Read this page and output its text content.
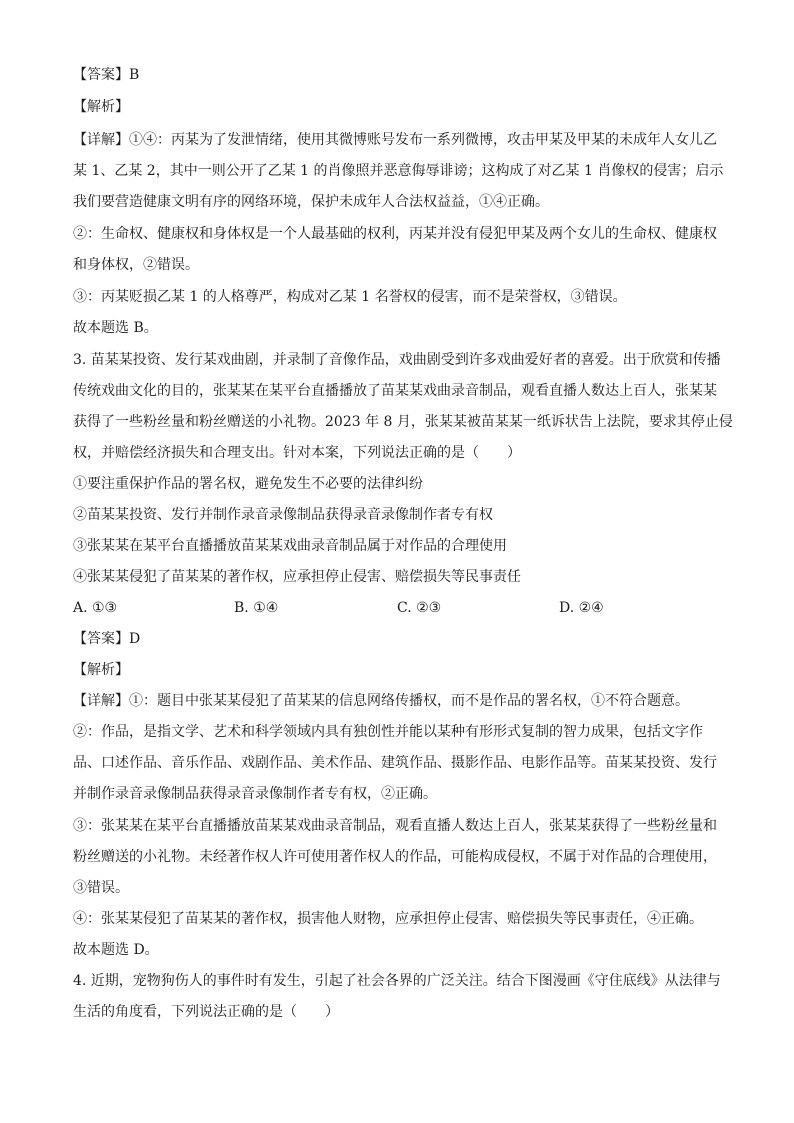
【答案】B
【解析】
【详解】①④：丙某为了发泄情绪，使用其微博账号发布一系列微博，攻击甲某及甲某的未成年人女儿乙
某 1、乙某 2，其中一则公开了乙某 1 的肖像照并恶意侮辱诽谤；这构成了对乙某 1 肖像权的侵害；启示
我们要营造健康文明有序的网络环境，保护未成年人合法权益益，①④正确。
②：生命权、健康权和身体权是一个人最基础的权利，丙某并没有侵犯甲某及两个女儿的生命权、健康权
和身体权，②错误。
③：丙某贬损乙某 1 的人格尊严，构成对乙某 1 名誉权的侵害，而不是荣誉权，③错误。
故本题选 B。
3. 苗某某投资、发行某戏曲剧，并录制了音像作品，戏曲剧受到许多戏曲爱好者的喜爱。出于欣赏和传播
传统戏曲文化的目的，张某某在某平台直播播放了苗某某戏曲录音制品，观看直播人数达上百人，张某某
获得了一些粉丝量和粉丝赠送的小礼物。2023 年 8 月，张某某被苗某某一纸诉状告上法院，要求其停止侵
权，并赔偿经济损失和合理支出。针对本案，下列说法正确的是（　　）
①要注重保护作品的署名权，避免发生不必要的法律纠纷
②苗某某投资、发行并制作录音录像制品获得录音录像制作者专有权
③张某某在某平台直播播放苗某某戏曲录音制品属于对作品的合理使用
④张某某侵犯了苗某某的著作权，应承担停止侵害、赔偿损失等民事责任
A. ①③	B. ①④	C. ②③	D. ②④
【答案】D
【解析】
【详解】①：题目中张某某侵犯了苗某某的信息网络传播权，而不是作品的署名权，①不符合题意。
②：作品，是指文学、艺术和科学领域内具有独创性并能以某种有形形式复制的智力成果，包括文字作
品、口述作品、音乐作品、戏剧作品、美术作品、建筑作品、摄影作品、电影作品等。苗某某投资、发行
并制作录音录像制品获得录音录像制作者专有权，②正确。
③：张某某在某平台直播播放苗某某戏曲录音制品，观看直播人数达上百人，张某某获得了一些粉丝量和
粉丝赠送的小礼物。未经著作权人许可使用著作权人的作品，可能构成侵权，不属于对作品的合理使用，
③错误。
④：张某某侵犯了苗某某的著作权，损害他人财物，应承担停止侵害、赔偿损失等民事责任，④正确。
故本题选 D。
4. 近期，宠物狗伤人的事件时有发生，引起了社会各界的广泛关注。结合下图漫画《守住底线》从法律与
生活的角度看，下列说法正确的是（　　）
